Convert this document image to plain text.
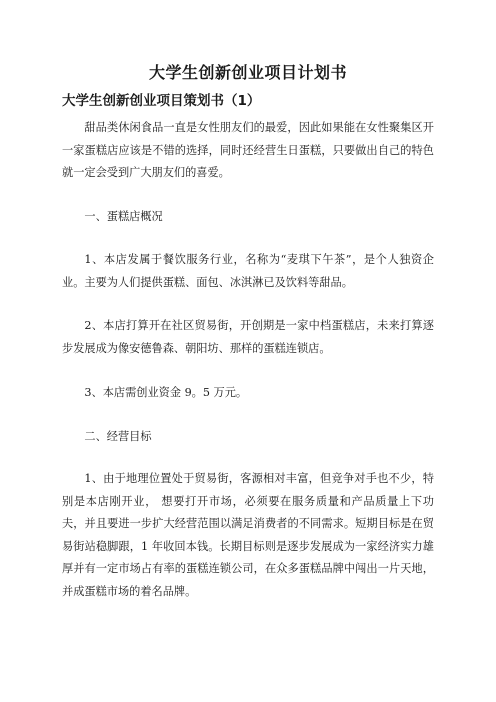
大学生创新创业项目计划书
大学生创新创业项目策划书（1）

甜品类休闲食品一直是女性朋友们的最爱，因此如果能在女性聚集区开一家蛋糕店应该是不错的选择，同时还经营生日蛋糕，只要做出自己的特色就一定会受到广大朋友们的喜爱。

一、蛋糕店概况

1、本店发属于餐饮服务行业，名称为“麦琪下午茶”，是个人独资企业。主要为人们提供蛋糕、面包、冰淇淋已及饮料等甜品。

2、本店打算开在社区贸易街，开创期是一家中档蛋糕店，未来打算逐步发展成为像安德鲁森、朝阳坊、那样的蛋糕连锁店。

3、本店需创业资金 9。5 万元。

二、经营目标

1、由于地理位置处于贸易街，客源相对丰富，但竞争对手也不少，特别是本店刚开业， 想要打开市场，必须要在服务质量和产品质量上下功夫，并且要进一步扩大经营范围以满足消费者的不同需求。短期目标是在贸易街站稳脚跟，1 年收回本钱。长期目标则是逐步发展成为一家经济实力雄厚并有一定市场占有率的蛋糕连锁公司，在众多蛋糕品牌中闯出一片天地，并成蛋糕市场的着名品牌。
